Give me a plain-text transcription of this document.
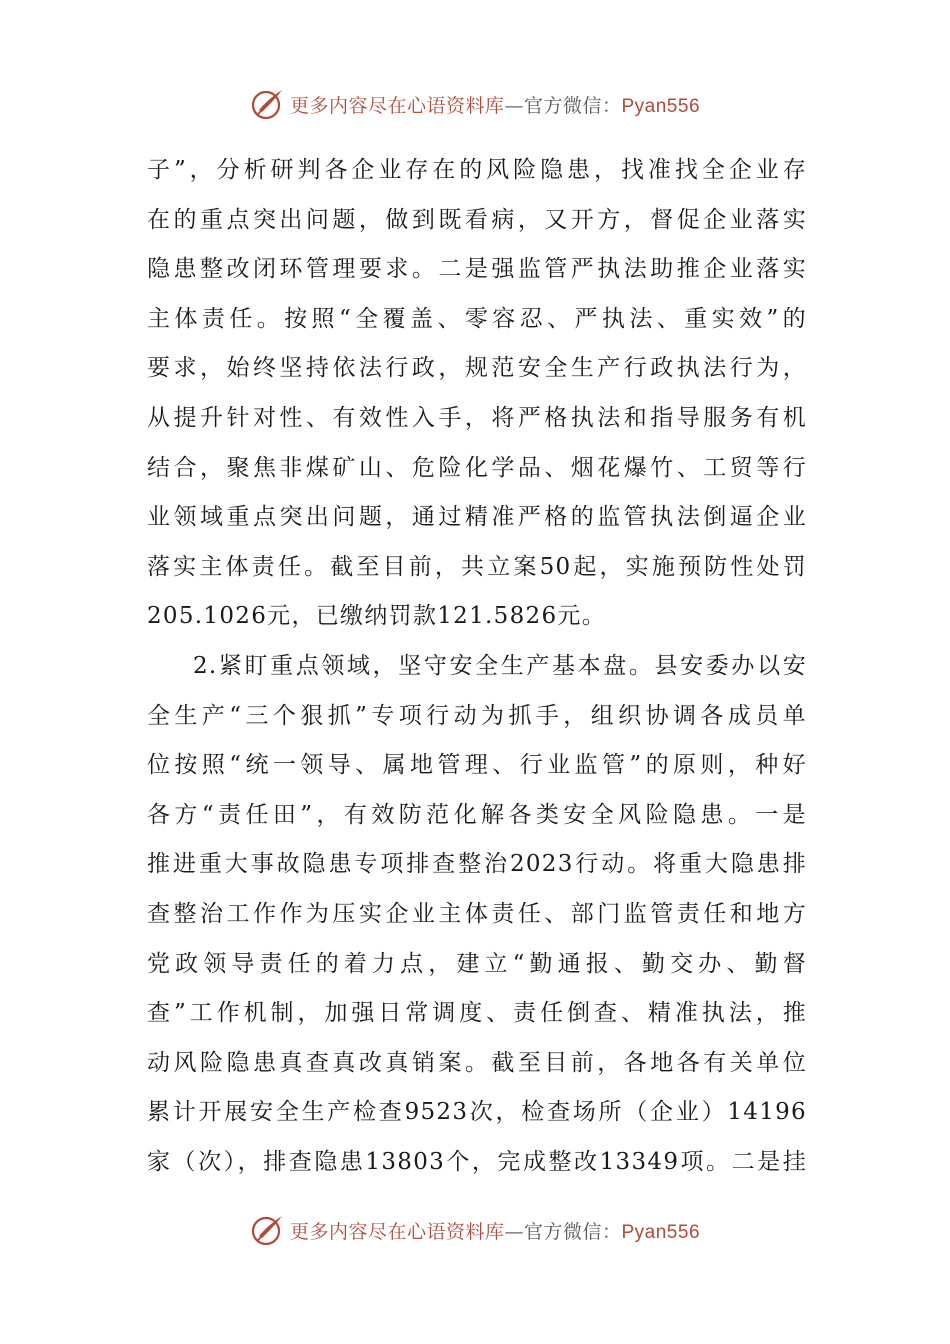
更多内容尽在心语资料库—官方微信：Pyan556

子”，分析研判各企业存在的风险隐患，找准找全企业存

在的重点突出问题，做到既看病，又开方，督促企业落实

隐患整改闭环管理要求。二是强监管严执法助推企业落实

主体责任。按照“全覆盖、零容忍、严执法、重实效”的

要求，始终坚持依法行政，规范安全生产行政执法行为，

从提升针对性、有效性入手，将严格执法和指导服务有机

结合，聚焦非煤矿山、危险化学品、烟花爆竹、工贸等行

业领域重点突出问题，通过精准严格的监管执法倒逼企业

落实主体责任。截至目前，共立案50起，实施预防性处罚

205.1026元，已缴纳罚款121.5826元。

2.紧盯重点领域，坚守安全生产基本盘。县安委办以安

全生产“三个狠抓”专项行动为抓手，组织协调各成员单

位按照“统一领导、属地管理、行业监管”的原则，种好

各方“责任田”，有效防范化解各类安全风险隐患。一是

推进重大事故隐患专项排查整治2023行动。将重大隐患排

查整治工作作为压实企业主体责任、部门监管责任和地方

党政领导责任的着力点，建立“勤通报、勤交办、勤督

查”工作机制，加强日常调度、责任倒查、精准执法，推

动风险隐患真查真改真销案。截至目前，各地各有关单位

累计开展安全生产检查9523次，检查场所（企业）14196

家（次），排查隐患13803个，完成整改13349项。二是挂

更多内容尽在心语资料库—官方微信：Pyan556
